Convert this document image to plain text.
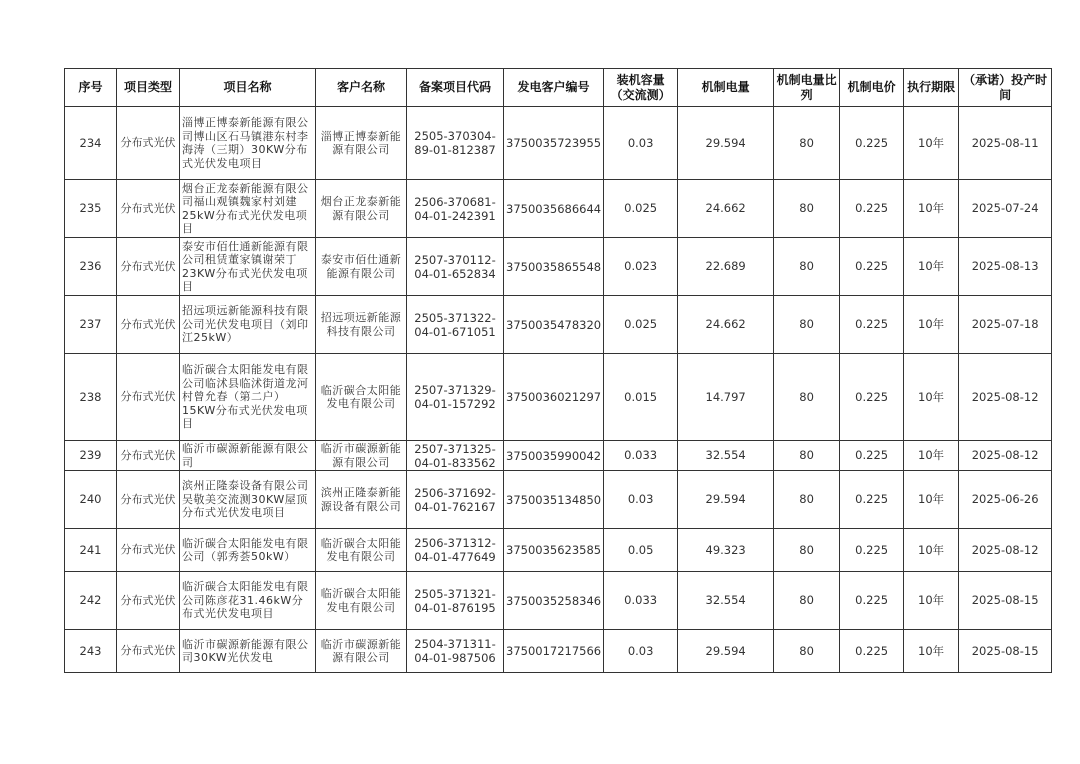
序号	项目类型	项目名称	客户名称	备案项目代码	发电客户编号	装机容量（交流测）	机制电量	机制电量比列	机制电价	执行期限	（承诺）投产时间
234	分布式光伏	淄博正博泰新能源有限公司博山区石马镇港东村李海涛（三期）30KW分布式光伏发电项目	淄博正博泰新能源有限公司	2505-370304-89-01-812387	3750035723955	0.03	29.594	80	0.225	10年	2025-08-11
235	分布式光伏	烟台正龙泰新能源有限公司福山观镇魏家村刘建25kW分布式光伏发电项目	烟台正龙泰新能源有限公司	2506-370681-04-01-242391	3750035686644	0.025	24.662	80	0.225	10年	2025-07-24
236	分布式光伏	泰安市佰仕通新能源有限公司租赁董家镇谢荣丁23KW分布式光伏发电项目	泰安市佰仕通新能源有限公司	2507-370112-04-01-652834	3750035865548	0.023	22.689	80	0.225	10年	2025-08-13
237	分布式光伏	招远项远新能源科技有限公司光伏发电项目（刘印江25kW）	招远项远新能源科技有限公司	2505-371322-04-01-671051	3750035478320	0.025	24.662	80	0.225	10年	2025-07-18
238	分布式光伏	临沂碳合太阳能发电有限公司临沭县临沭街道龙河村曾允春（第二户）15KW分布式光伏发电项目	临沂碳合太阳能发电有限公司	2507-371329-04-01-157292	3750036021297	0.015	14.797	80	0.225	10年	2025-08-12
239	分布式光伏	临沂市碳源新能源有限公司	临沂市碳源新能源有限公司	2507-371325-04-01-833562	3750035990042	0.033	32.554	80	0.225	10年	2025-08-12
240	分布式光伏	滨州正隆泰设备有限公司吴敬美交流测30KW屋顶分布式光伏发电项目	滨州正隆泰新能源设备有限公司	2506-371692-04-01-762167	3750035134850	0.03	29.594	80	0.225	10年	2025-06-26
241	分布式光伏	临沂碳合太阳能发电有限公司（郭秀荟50kW）	临沂碳合太阳能发电有限公司	2506-371312-04-01-477649	3750035623585	0.05	49.323	80	0.225	10年	2025-08-12
242	分布式光伏	临沂碳合太阳能发电有限公司陈彦花31.46kW分布式光伏发电项目	临沂碳合太阳能发电有限公司	2505-371321-04-01-876195	3750035258346	0.033	32.554	80	0.225	10年	2025-08-15
243	分布式光伏	临沂市碳源新能源有限公司30KW光伏发电	临沂市碳源新能源有限公司	2504-371311-04-01-987506	3750017217566	0.03	29.594	80	0.225	10年	2025-08-15
